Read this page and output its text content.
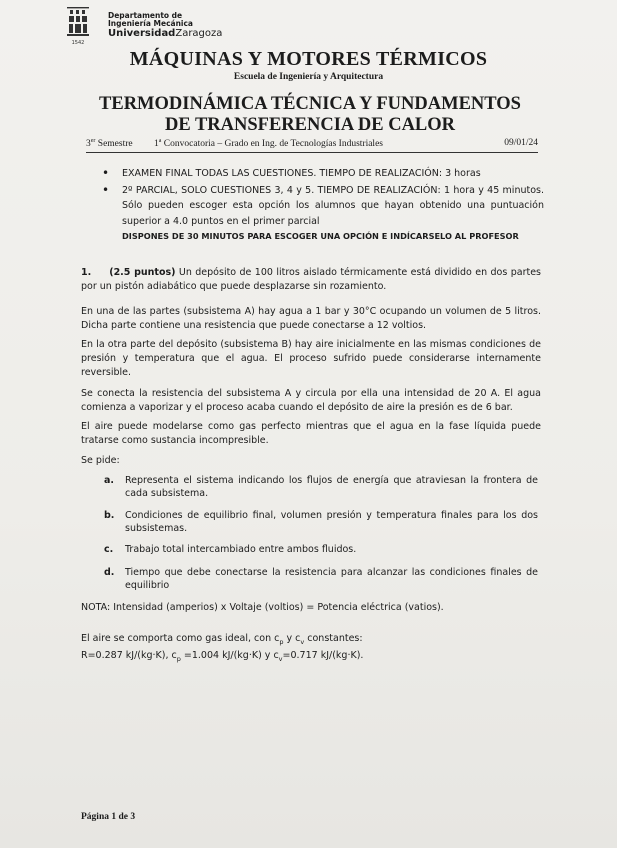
1542
Departamento de
Ingeniería Mecánica
UniversidadZaragoza
MÁQUINAS Y MOTORES TÉRMICOS
Escuela de Ingeniería y Arquitectura
TERMODINÁMICA TÉCNICA Y FUNDAMENTOS
DE TRANSFERENCIA DE CALOR
3er Semestre 1$^a$ Convocatoria – Grado en Ing. de Tecnologías Industriales	09/01/24

• EXAMEN FINAL TODAS LAS CUESTIONES. TIEMPO DE REALIZACIÓN: 3 horas

• 2º PARCIAL, SOLO CUESTIONES 3, 4 y 5. TIEMPO DE REALIZACIÓN: 1 hora y 45 minutos. Sólo pueden escoger esta opción los alumnos que hayan obtenido una puntuación superior a 4.0 puntos en el primer parcial

DISPONES DE 30 MINUTOS PARA ESCOGER UNA OPCIÓN E INDÍCARSELO AL PROFESOR

1. (2.5 puntos) Un depósito de 100 litros aislado térmicamente está dividido en dos partes por un pistón adiabático que puede desplazarse sin rozamiento.

En una de las partes (subsistema A) hay agua a 1 bar y 30°C ocupando un volumen de 5 litros. Dicha parte contiene una resistencia que puede conectarse a 12 voltios.
En la otra parte del depósito (subsistema B) hay aire inicialmente en las mismas condiciones de presión y temperatura que el agua. El proceso sufrido puede considerarse internamente reversible.
Se conecta la resistencia del subsistema A y circula por ella una intensidad de 20 A. El agua comienza a vaporizar y el proceso acaba cuando el depósito de aire la presión es de 6 bar.
El aire puede modelarse como gas perfecto mientras que el agua en la fase líquida puede tratarse como sustancia incompresible.
Se pide:
a.	Representa el sistema indicando los flujos de energía que atraviesan la frontera de cada subsistema.
b.	Condiciones de equilibrio final, volumen presión y temperatura finales para los dos subsistemas.
c.	Trabajo total intercambiado entre ambos fluidos.
d.	Tiempo que debe conectarse la resistencia para alcanzar las condiciones finales de equilibrio
NOTA: Intensidad (amperios) x Voltaje (voltios) = Potencia eléctrica (vatios).

El aire se comporta como gas ideal, con $c_p$ y $c_v$ constantes:

R=0.287 kJ/(kg·K), $c_p =1.004$ kJ/(kg·K) y $c_v=0.717$ kJ/(kg·K).

Página 1 de 3
